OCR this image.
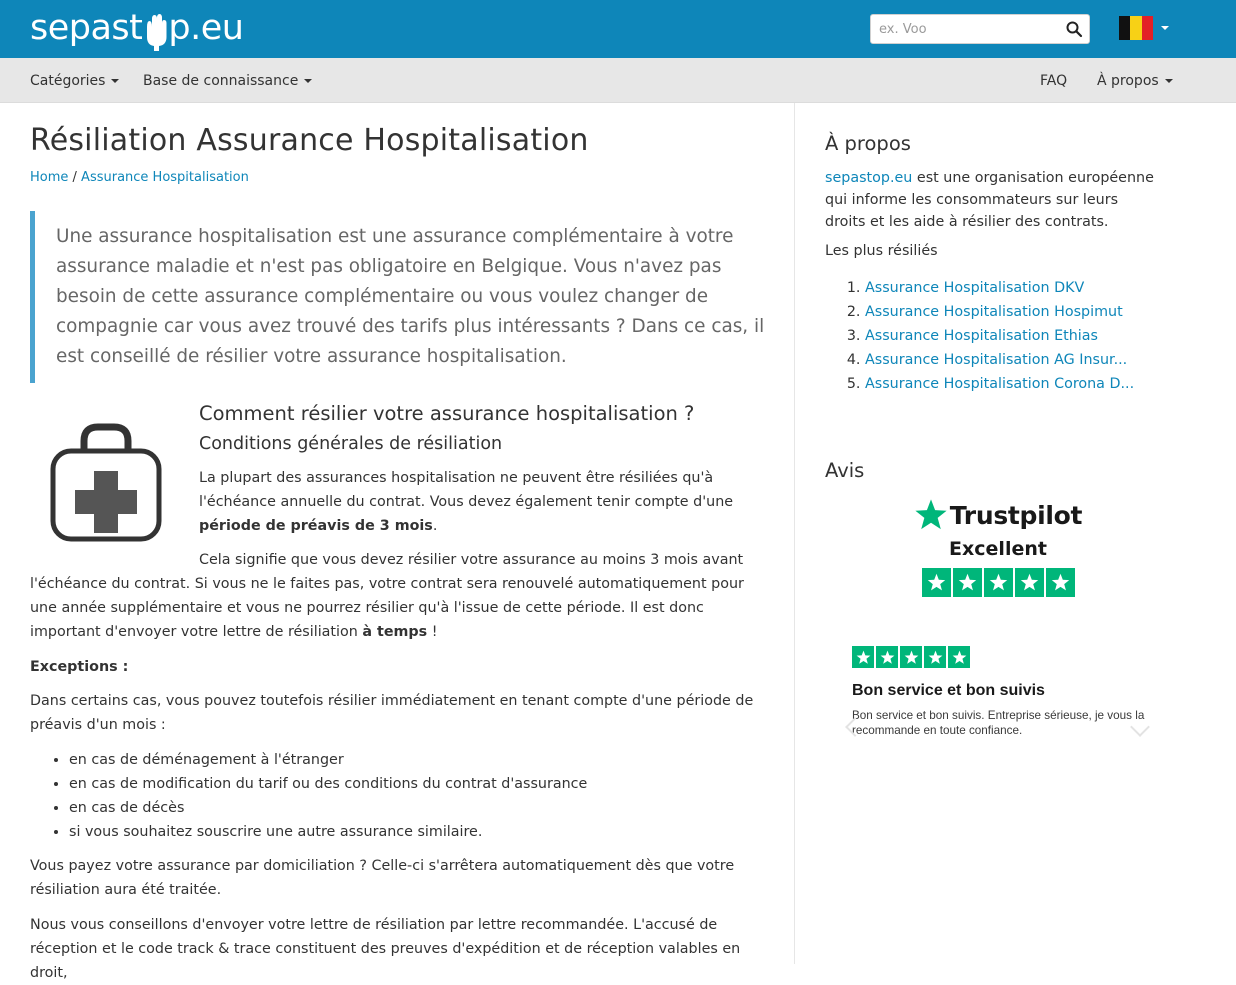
sepast p.eu
ex. Voo
Catégories	Base de connaissance	FAQ À propos
Résiliation Assurance Hospitalisation
Home / Assurance Hospitalisation
Une assurance hospitalisation est une assurance complémentaire à votre assurance maladie et n'est pas obligatoire en Belgique. Vous n'avez pas besoin de cette assurance complémentaire ou vous voulez changer de compagnie car vous avez trouvé des tarifs plus intéressants ? Dans ce cas, il est conseillé de résilier votre assurance hospitalisation.
Comment résilier votre assurance hospitalisation ?
Conditions générales de résiliation

La plupart des assurances hospitalisation ne peuvent être résiliées qu'à l'échéance annuelle du contrat. Vous devez également tenir compte d'une période de préavis de 3 mois.

Cela signifie que vous devez résilier votre assurance au moins 3 mois avant l'échéance du contrat. Si vous ne le faites pas, votre contrat sera renouvelé automatiquement pour une année supplémentaire et vous ne pourrez résilier qu'à l'issue de cette période. Il est donc important d'envoyer votre lettre de résiliation à temps !

Exceptions :

Dans certains cas, vous pouvez toutefois résilier immédiatement en tenant compte d'une période de préavis d'un mois :

• en cas de déménagement à l'étranger
• en cas de modification du tarif ou des conditions du contrat d'assurance
• en cas de décès
• si vous souhaitez souscrire une autre assurance similaire.

Vous payez votre assurance par domiciliation ? Celle-ci s'arrêtera automatiquement dès que votre résiliation aura été traitée.

Nous vous conseillons d'envoyer votre lettre de résiliation par lettre recommandée. L'accusé de réception et le code track & trace constituent des preuves d'expédition et de réception valables en droit,

À propos

sepastop.eu est une organisation européenne qui informe les consommateurs sur leurs droits et les aide à résilier des contrats.

Les plus résiliés

1. Assurance Hospitalisation DKV
2. Assurance Hospitalisation Hospimut
3. Assurance Hospitalisation Ethias
4. Assurance Hospitalisation AG Insur...
5. Assurance Hospitalisation Corona D...
Avis
Trustpilot
Excellent
Bon service et bon suivis
Bon service et bon suivis. Entreprise sérieuse, je vous la recommande en toute confiance.
